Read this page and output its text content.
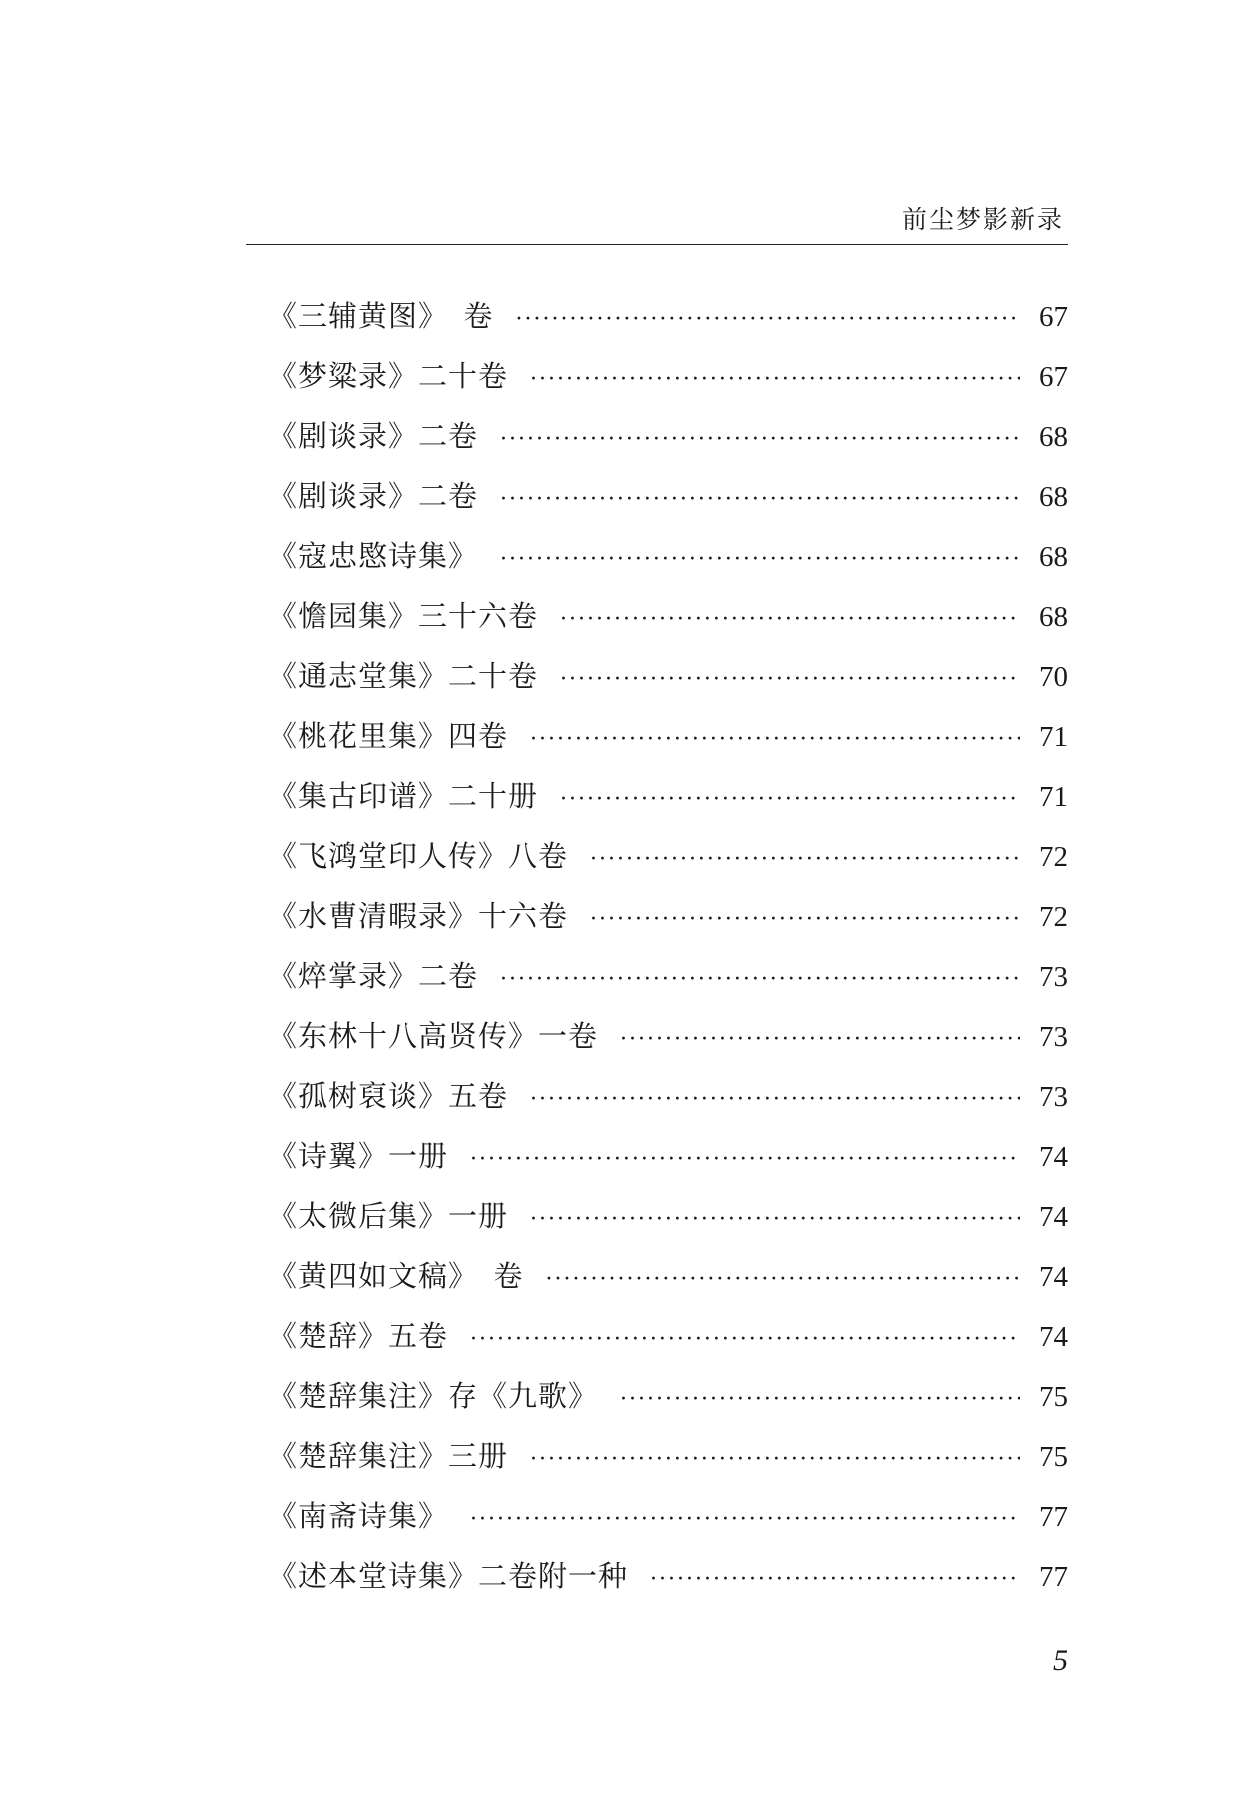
前尘梦影新录
《三辅黄图》　卷 ·····	67
《梦粱录》二十卷 ·····	67
《剧谈录》二卷 ·····	68
《剧谈录》二卷 ·····	68
《寇忠愍诗集》 ·····	68
《憺园集》三十六卷 ·····	68
《通志堂集》二十卷 ·····	70
《桃花里集》四卷 ·····	71
《集古印谱》二十册 ·····	71
《飞鸿堂印人传》八卷 ·····	72
《水曹清暇录》十六卷 ·····	72
《焠掌录》二卷 ·····	73
《东林十八高贤传》一卷 ·····	73
《孤树裒谈》五卷 ·····	73
《诗翼》一册 ·····	74
《太微后集》一册 ·····	74
《黄四如文稿》　卷 ·····	74
《楚辞》五卷 ·····	74
《楚辞集注》存《九歌》 ·····	75
《楚辞集注》三册 ·····	75
《南斋诗集》 ·····	77
《述本堂诗集》二卷附一种 ·····	77
5
